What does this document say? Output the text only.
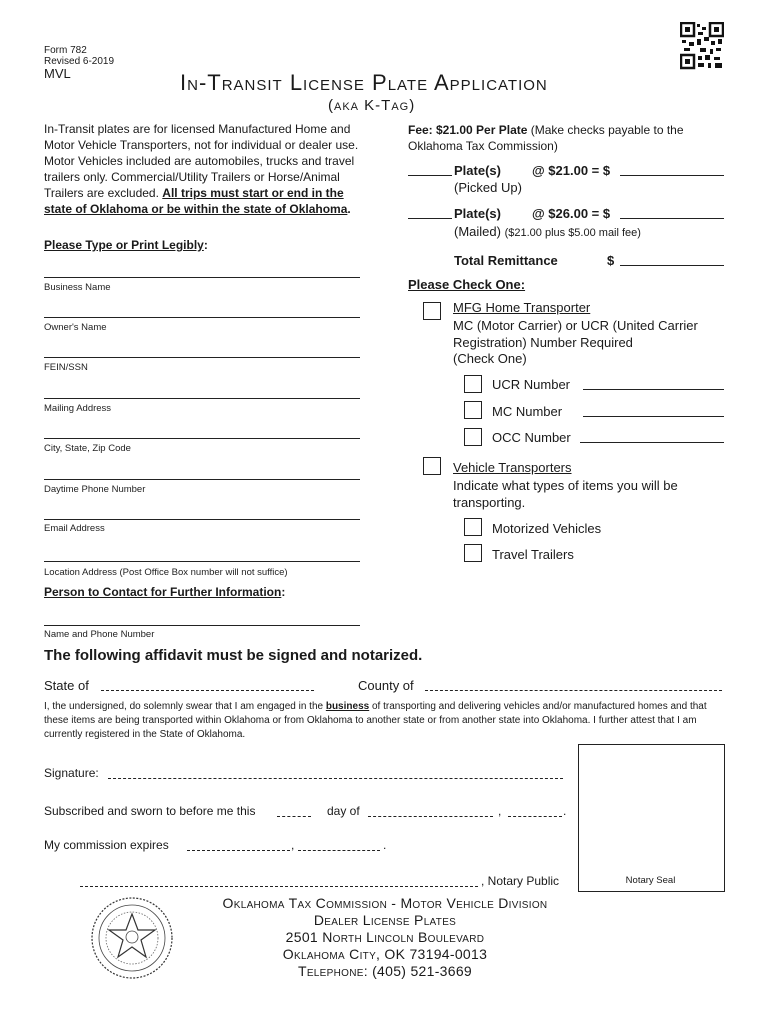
Form 782
Revised 6-2019
MVL	In-Transit License Plate Application
(aka K-Tag)
In-Transit plates are for licensed Manufactured Home and Motor Vehicle Transporters, not for individual or dealer use. Motor Vehicles included are automobiles, trucks and travel trailers only. Commercial/Utility Trailers or Horse/Animal Trailers are excluded. All trips must start or end in the state of Oklahoma or be within the state of Oklahoma.
Please Type or Print Legibly:
Business Name
Owner's Name
FEIN/SSN
Mailing Address
City, State, Zip Code
Daytime Phone Number
Email Address
Location Address (Post Office Box number will not suffice)
Person to Contact for Further Information:
Name and Phone Number
Fee: $21.00 Per Plate (Make checks payable to the Oklahoma Tax Commission)
Plate(s) @ $21.00 = $
(Picked Up)
Plate(s) @ $26.00 = $
(Mailed) ($21.00 plus $5.00 mail fee)
Total Remittance	$
Please Check One:
MFG Home Transporter
MC (Motor Carrier) or UCR (United Carrier Registration) Number Required
(Check One)
UCR Number
MC Number
OCC Number
Vehicle Transporters
Indicate what types of items you will be transporting.
Motorized Vehicles
Travel Trailers
The following affidavit must be signed and notarized.
State of	County of
I, the undersigned, do solemnly swear that I am engaged in the business of transporting and delivering vehicles and/or manufactured homes and that these items are being transported within Oklahoma or from Oklahoma to another state or from another state into Oklahoma. I further attest that I am currently registered in the State of Oklahoma.
Notary Seal
Signature:
Subscribed and sworn to before me this	day of	,	.
My commission expires	,	.
, Notary Public
Oklahoma Tax Commission - Motor Vehicle Division
Dealer License Plates
2501 North Lincoln Boulevard
Oklahoma City, OK 73194-0013
Telephone: (405) 521-3669
